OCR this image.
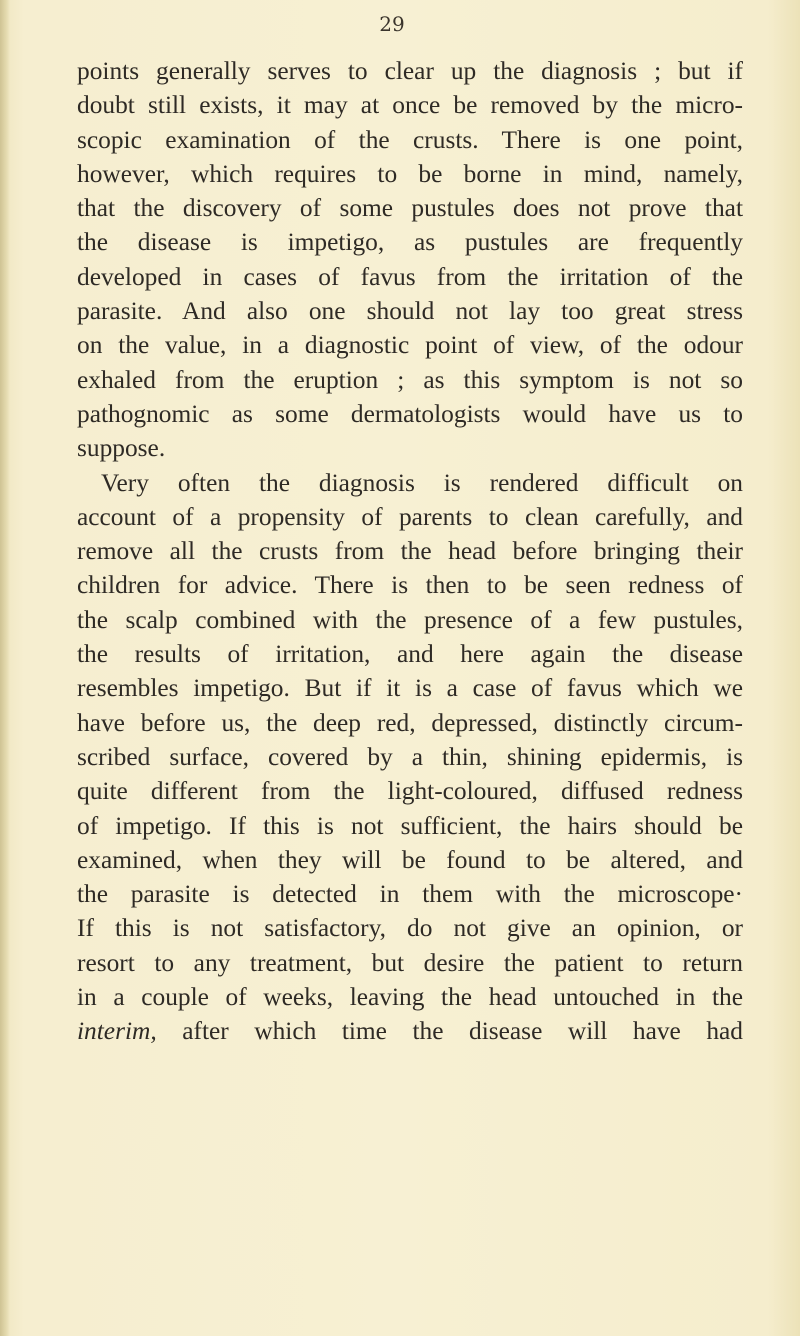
29
points generally serves to clear up the diagnosis ; but if
doubt still exists, it may at once be removed by the micro-
scopic examination of the crusts. There is one point,
however, which requires to be borne in mind, namely,
that the discovery of some pustules does not prove that
the disease is impetigo, as pustules are frequently
developed in cases of favus from the irritation of the
parasite. And also one should not lay too great stress
on the value, in a diagnostic point of view, of the odour
exhaled from the eruption ; as this symptom is not so
pathognomic as some dermatologists would have us to
suppose.
Very often the diagnosis is rendered difficult on
account of a propensity of parents to clean carefully, and
remove all the crusts from the head before bringing their
children for advice. There is then to be seen redness of
the scalp combined with the presence of a few pustules,
the results of irritation, and here again the disease
resembles impetigo. But if it is a case of favus which we
have before us, the deep red, depressed, distinctly circum-
scribed surface, covered by a thin, shining epidermis, is
quite different from the light-coloured, diffused redness
of impetigo. If this is not sufficient, the hairs should be
examined, when they will be found to be altered, and
the parasite is detected in them with the microscope·
If this is not satisfactory, do not give an opinion, or
resort to any treatment, but desire the patient to return
in a couple of weeks, leaving the head untouched in the
interim, after which time the disease will have had
